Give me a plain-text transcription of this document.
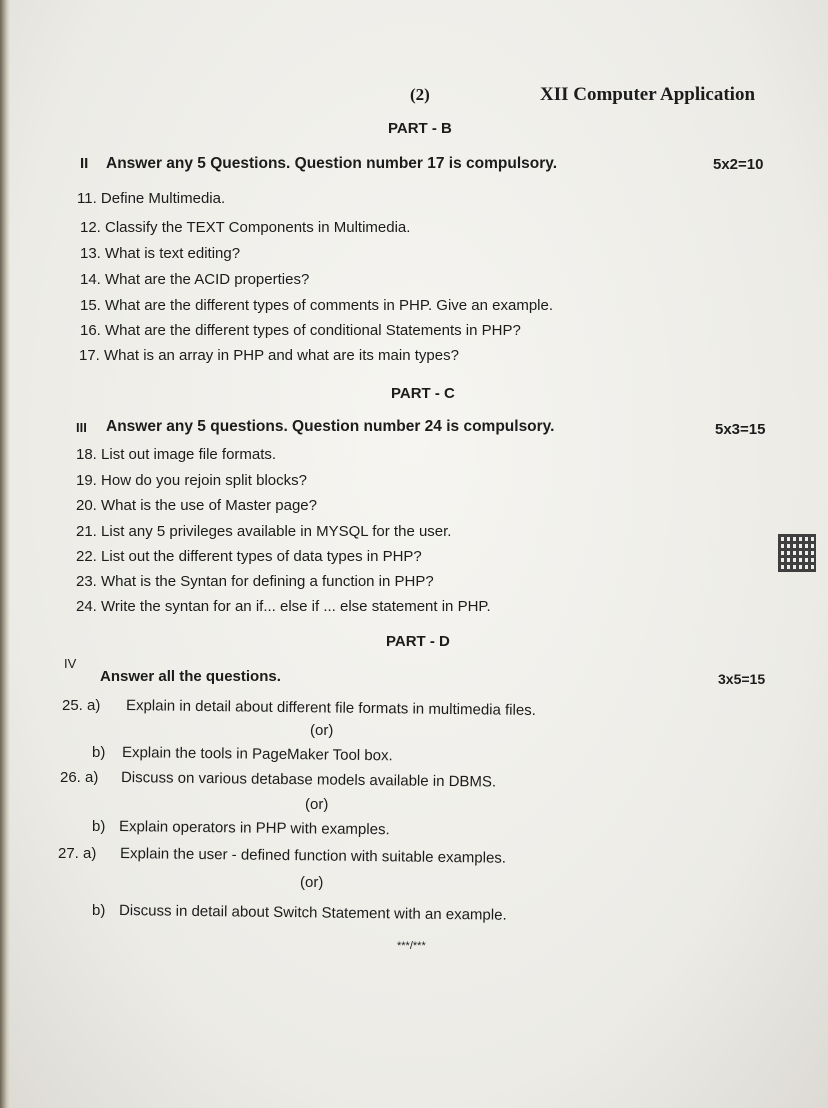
(2)	XII Computer Application
PART - B
II Answer any 5 Questions. Question number 17 is compulsory.	5x2=10
11. Define Multimedia.
12. Classify the TEXT Components in Multimedia.
13. What is text editing?
14. What are the ACID properties?
15. What are the different types of comments in PHP. Give an example.
16. What are the different types of conditional Statements in PHP?
17. What is an array in PHP and what are its main types?
PART - C
III Answer any 5 questions. Question number 24 is compulsory.	5x3=15
18. List out image file formats.
19. How do you rejoin split blocks?
20. What is the use of Master page?
21. List any 5 privileges available in MYSQL for the user.
22. List out the different types of data types in PHP?
23. What is the Syntan for defining a function in PHP?
24. Write the syntan for an if... else if ... else statement in PHP.
PART - D
IV
Answer all the questions.	3x5=15
25. a) Explain in detail about different file formats in multimedia files.
(or)
b) Explain the tools in PageMaker Tool box.
26. a) Discuss on various detabase models available in DBMS.
(or)
b) Explain operators in PHP with examples.
27. a) Explain the user - defined function with suitable examples.
(or)
b) Discuss in detail about Switch Statement with an example.
***/***
